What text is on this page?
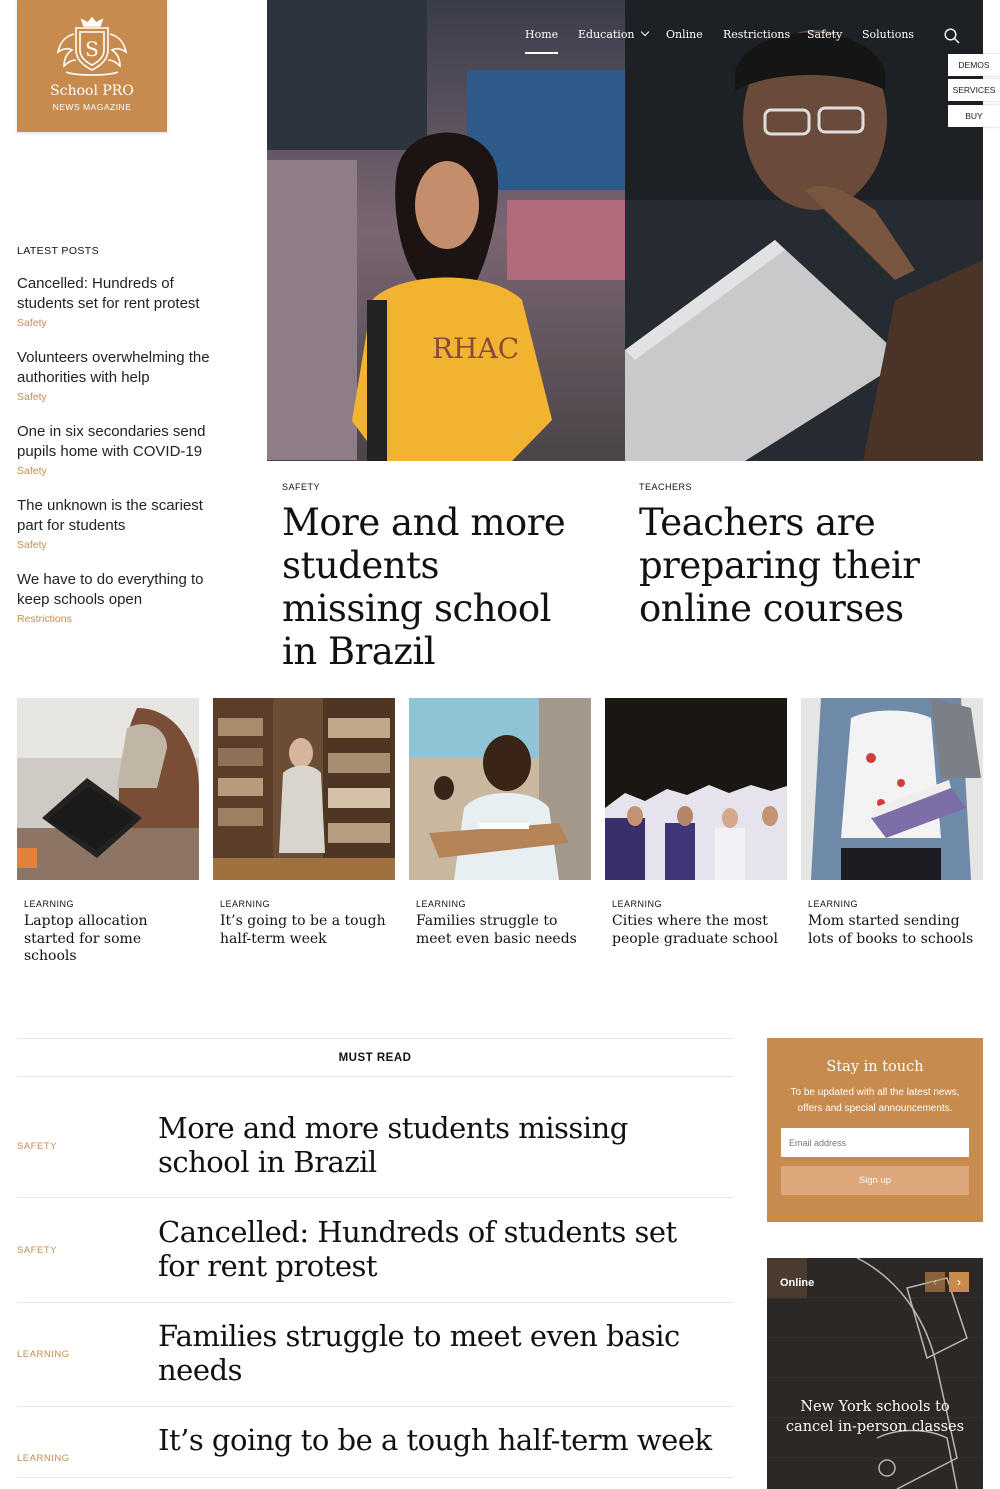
S
School PRO
NEWS MAGAZINE
RHAC
Home Education	Online Restrictions Safety Solutions
DEMOS
SERVICES
BUY
LATEST POSTS
Cancelled: Hundreds of students set for rent protest
Safety
Volunteers overwhelming the authorities with help
Safety
One in six secondaries send pupils home with COVID-19
Safety
The unknown is the scariest part for students
Safety
We have to do everything to keep schools open
Restrictions
SAFETY
More and more students missing school in Brazil
TEACHERS
Teachers are preparing their online courses
LEARNING
Laptop allocation started for some schools
LEARNING
It’s going to be a tough half-term week
LEARNING
Families struggle to meet even basic needs
LEARNING
Cities where the most people graduate school
LEARNING
Mom started sending lots of books to schools
MUST READ
SAFETY
More and more students missing school in Brazil
SAFETY
Cancelled: Hundreds of students set for rent protest
LEARNING
Families struggle to meet even basic needs
LEARNING
It’s going to be a tough half-term week
Stay in touch
To be updated with all the latest news, offers and special announcements.
Email address
Sign up
Online	‹	›
New York schools to cancel in-person classes
